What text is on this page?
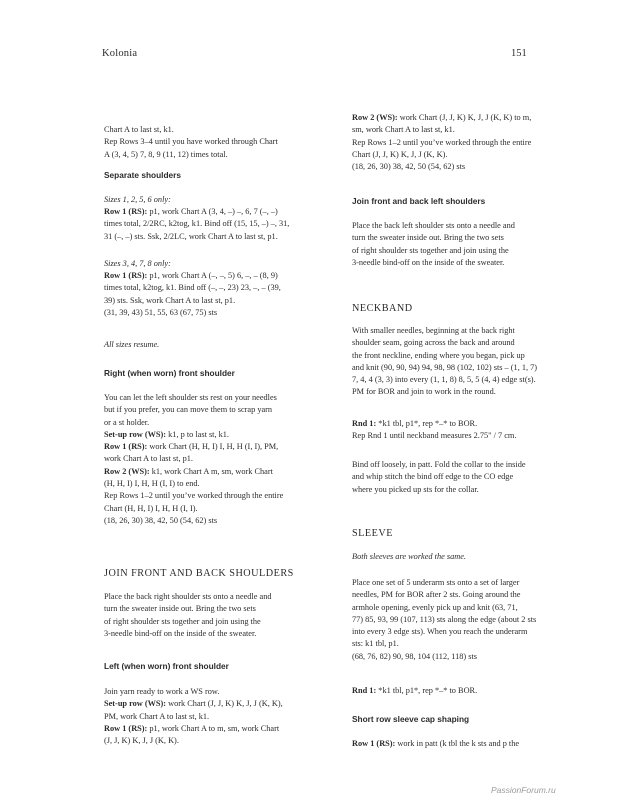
Kolonia	151
Chart A to last st, k1.
Rep Rows 3–4 until you have worked through Chart
A (3, 4, 5) 7, 8, 9 (11, 12) times total.
Separate shoulders
Sizes 1, 2, 5, 6 only:
Row 1 (RS): p1, work Chart A (3, 4, –) –, 6, 7 (–, –)
times total, 2/2RC, k2tog, k1. Bind off (15, 15, –) –, 31,
31 (–, –) sts. Ssk, 2/2LC, work Chart A to last st, p1.
Sizes 3, 4, 7, 8 only:
Row 1 (RS): p1, work Chart A (–, –, 5) 6, –, – (8, 9)
times total, k2tog, k1. Bind off (–, –, 23) 23, –, – (39,
39) sts. Ssk, work Chart A to last st, p1.
(31, 39, 43) 51, 55, 63 (67, 75) sts
All sizes resume.
Right (when worn) front shoulder
You can let the left shoulder sts rest on your needles
but if you prefer, you can move them to scrap yarn
or a st holder.
Set-up row (WS): k1, p to last st, k1.
Row 1 (RS): work Chart (H, H, I) I, H, H (I, I), PM,
work Chart A to last st, p1.
Row 2 (WS): k1, work Chart A m, sm, work Chart
(H, H, I) I, H, H (I, I) to end.
Rep Rows 1–2 until you’ve worked through the entire
Chart (H, H, I) I, H, H (I, I).
(18, 26, 30) 38, 42, 50 (54, 62) sts
JOIN FRONT AND BACK SHOULDERS
Place the back right shoulder sts onto a needle and
turn the sweater inside out. Bring the two sets
of right shoulder sts together and join using the
3-needle bind-off on the inside of the sweater.
Left (when worn) front shoulder
Join yarn ready to work a WS row.
Set-up row (WS): work Chart (J, J, K) K, J, J (K, K),
PM, work Chart A to last st, k1.
Row 1 (RS): p1, work Chart A to m, sm, work Chart
(J, J, K) K, J, J (K, K).
Row 2 (WS): work Chart (J, J, K) K, J, J (K, K) to m,
sm, work Chart A to last st, k1.
Rep Rows 1–2 until you’ve worked through the entire
Chart (J, J, K) K, J, J (K, K).
(18, 26, 30) 38, 42, 50 (54, 62) sts
Join front and back left shoulders
Place the back left shoulder sts onto a needle and
turn the sweater inside out. Bring the two sets
of right shoulder sts together and join using the
3-needle bind-off on the inside of the sweater.
NECKBAND
With smaller needles, beginning at the back right
shoulder seam, going across the back and around
the front neckline, ending where you began, pick up
and knit (90, 90, 94) 94, 98, 98 (102, 102) sts – (1, 1, 7)
7, 4, 4 (3, 3) into every (1, 1, 8) 8, 5, 5 (4, 4) edge st(s).
PM for BOR and join to work in the round.
Rnd 1: *k1 tbl, p1*, rep *–* to BOR.
Rep Rnd 1 until neckband measures 2.75" / 7 cm.
Bind off loosely, in patt. Fold the collar to the inside
and whip stitch the bind off edge to the CO edge
where you picked up sts for the collar.
SLEEVE
Both sleeves are worked the same.
Place one set of 5 underarm sts onto a set of larger
needles, PM for BOR after 2 sts. Going around the
armhole opening, evenly pick up and knit (63, 71,
77) 85, 93, 99 (107, 113) sts along the edge (about 2 sts
into every 3 edge sts). When you reach the underarm
sts: k1 tbl, p1.
(68, 76, 82) 90, 98, 104 (112, 118) sts
Rnd 1: *k1 tbl, p1*, rep *–* to BOR.
Short row sleeve cap shaping
Row 1 (RS): work in patt (k tbl the k sts and p the
PassionForum.ru
